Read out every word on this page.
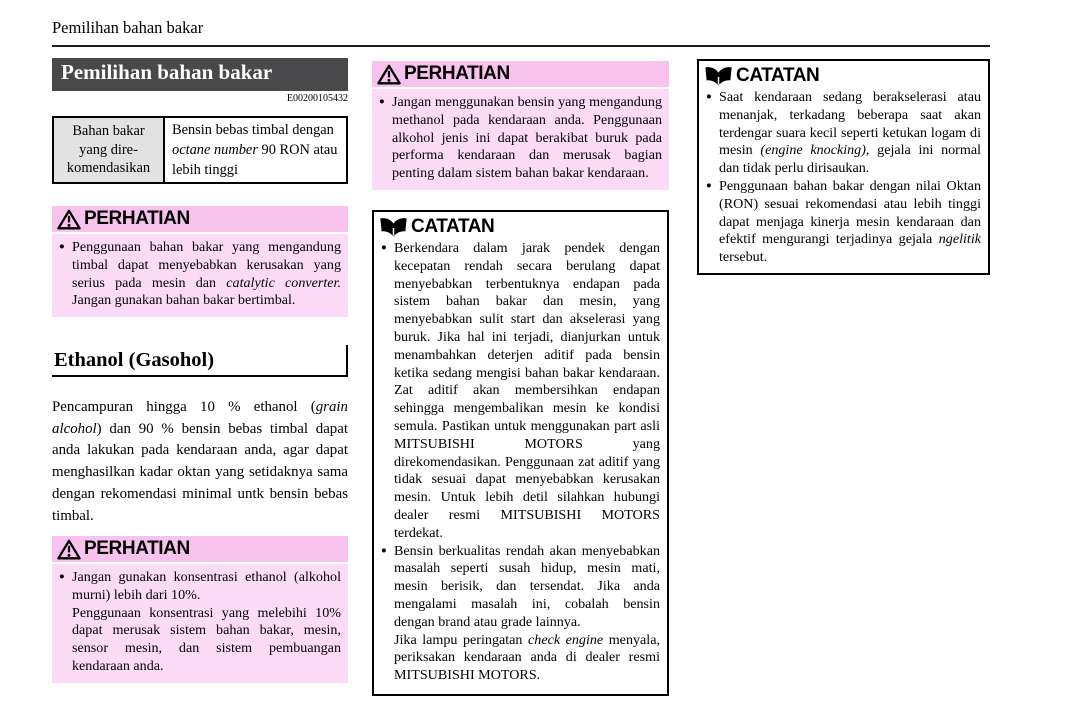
Pemilihan bahan bakar
Pemilihan bahan bakar
E00200105432
Bahan bakar yang dire-komendasikan
Bensin bebas timbal dengan octane number 90 RON atau lebih tinggi
PERHATIAN
● Penggunaan bahan bakar yang mengandung timbal dapat menyebabkan kerusakan yang serius pada mesin dan catalytic converter. Jangan gunakan bahan bakar bertimbal.
Ethanol (Gasohol)
Pencampuran hingga 10 % ethanol (grain alcohol) dan 90 % bensin bebas timbal dapat anda lakukan pada kendaraan anda, agar dapat menghasilkan kadar oktan yang setidaknya sama dengan rekomendasi minimal untk bensin bebas timbal.
PERHATIAN
● Jangan gunakan konsentrasi ethanol (alkohol murni) lebih dari 10%.
Penggunaan konsentrasi yang melebihi 10% dapat merusak sistem bahan bakar, mesin, sensor mesin, dan sistem pembuangan kendaraan anda.
PERHATIAN
● Jangan menggunakan bensin yang mengandung methanol pada kendaraan anda. Penggunaan alkohol jenis ini dapat berakibat buruk pada performa kendaraan dan merusak bagian penting dalam sistem bahan bakar kendaraan.
CATATAN
● Berkendara dalam jarak pendek dengan kecepatan rendah secara berulang dapat menyebabkan terbentuknya endapan pada sistem bahan bakar dan mesin, yang menyebabkan sulit start dan akselerasi yang buruk. Jika hal ini terjadi, dianjurkan untuk menambahkan deterjen aditif pada bensin ketika sedang mengisi bahan bakar kendaraan. Zat aditif akan membersihkan endapan sehingga mengembalikan mesin ke kondisi semula. Pastikan untuk menggunakan part asli MITSUBISHI MOTORS yang direkomendasikan. Penggunaan zat aditif yang tidak sesuai dapat menyebabkan kerusakan mesin. Untuk lebih detil silahkan hubungi dealer resmi MITSUBISHI MOTORS terdekat.
● Bensin berkualitas rendah akan menyebabkan masalah seperti susah hidup, mesin mati, mesin berisik, dan tersendat. Jika anda mengalami masalah ini, cobalah bensin dengan brand atau grade lainnya.
Jika lampu peringatan check engine menyala, periksakan kendaraan anda di dealer resmi MITSUBISHI MOTORS.
CATATAN
● Saat kendaraan sedang berakselerasi atau menanjak, terkadang beberapa saat akan terdengar suara kecil seperti ketukan logam di mesin (engine knocking), gejala ini normal dan tidak perlu dirisaukan.
● Penggunaan bahan bakar dengan nilai Oktan (RON) sesuai rekomendasi atau lebih tinggi dapat menjaga kinerja mesin kendaraan dan efektif mengurangi terjadinya gejala ngelitik tersebut.
